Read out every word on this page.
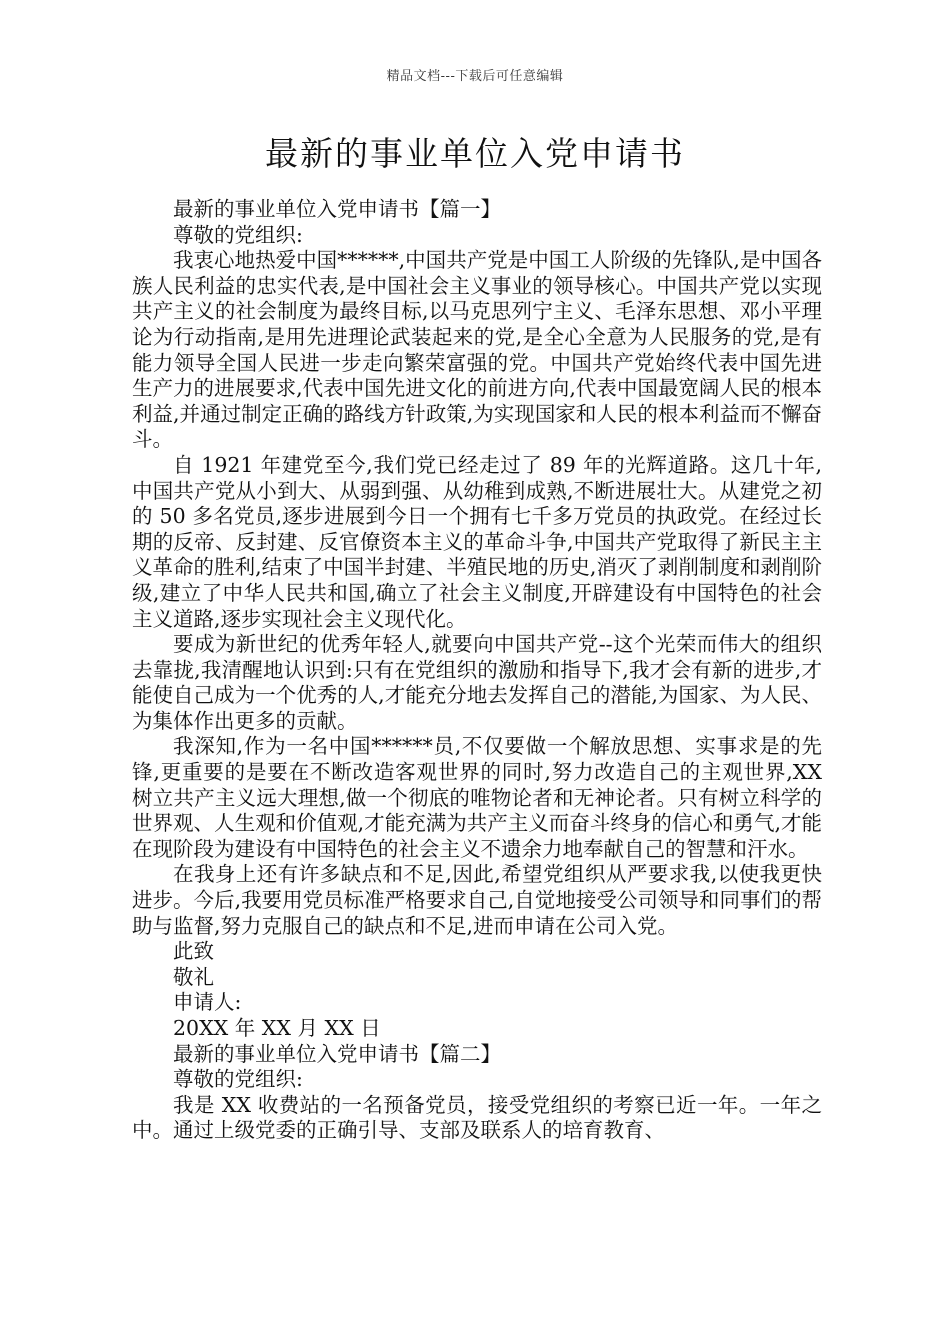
精品文档---下载后可任意编辑
最新的事业单位入党申请书

最新的事业单位入党申请书【篇一】

尊敬的党组织:

我衷心地热爱中国******,中国共产党是中国工人阶级的先锋队,是中国各族人民利益的忠实代表,是中国社会主义事业的领导核心。中国共产党以实现共产主义的社会制度为最终目标,以马克思列宁主义、毛泽东思想、邓小平理论为行动指南,是用先进理论武装起来的党,是全心全意为人民服务的党,是有能力领导全国人民进一步走向繁荣富强的党。中国共产党始终代表中国先进生产力的进展要求,代表中国先进文化的前进方向,代表中国最宽阔人民的根本利益,并通过制定正确的路线方针政策,为实现国家和人民的根本利益而不懈奋斗。

自 1921 年建党至今,我们党已经走过了 89 年的光辉道路。这几十年,中国共产党从小到大、从弱到强、从幼稚到成熟,不断进展壮大。从建党之初的 50 多名党员,逐步进展到今日一个拥有七千多万党员的执政党。在经过长期的反帝、反封建、反官僚资本主义的革命斗争,中国共产党取得了新民主主义革命的胜利,结束了中国半封建、半殖民地的历史,消灭了剥削制度和剥削阶级,建立了中华人民共和国,确立了社会主义制度,开辟建设有中国特色的社会主义道路,逐步实现社会主义现代化。

要成为新世纪的优秀年轻人,就要向中国共产党--这个光荣而伟大的组织去靠拢,我清醒地认识到:只有在党组织的激励和指导下,我才会有新的进步,才能使自己成为一个优秀的人,才能充分地去发挥自己的潜能,为国家、为人民、为集体作出更多的贡献。

我深知,作为一名中国******员,不仅要做一个解放思想、实事求是的先锋,更重要的是要在不断改造客观世界的同时,努力改造自己的主观世界,XX 树立共产主义远大理想,做一个彻底的唯物论者和无神论者。只有树立科学的世界观、人生观和价值观,才能充满为共产主义而奋斗终身的信心和勇气,才能在现阶段为建设有中国特色的社会主义不遗余力地奉献自己的智慧和汗水。

在我身上还有许多缺点和不足,因此,希望党组织从严要求我,以使我更快进步。今后,我要用党员标准严格要求自己,自觉地接受公司领导和同事们的帮助与监督,努力克服自己的缺点和不足,进而申请在公司入党。

此致

敬礼

申请人:

20XX 年 XX 月 XX 日

最新的事业单位入党申请书【篇二】

尊敬的党组织:

我是 XX 收费站的一名预备党员，接受党组织的考察已近一年。一年之中。通过上级党委的正确引导、支部及联系人的培育教育、
